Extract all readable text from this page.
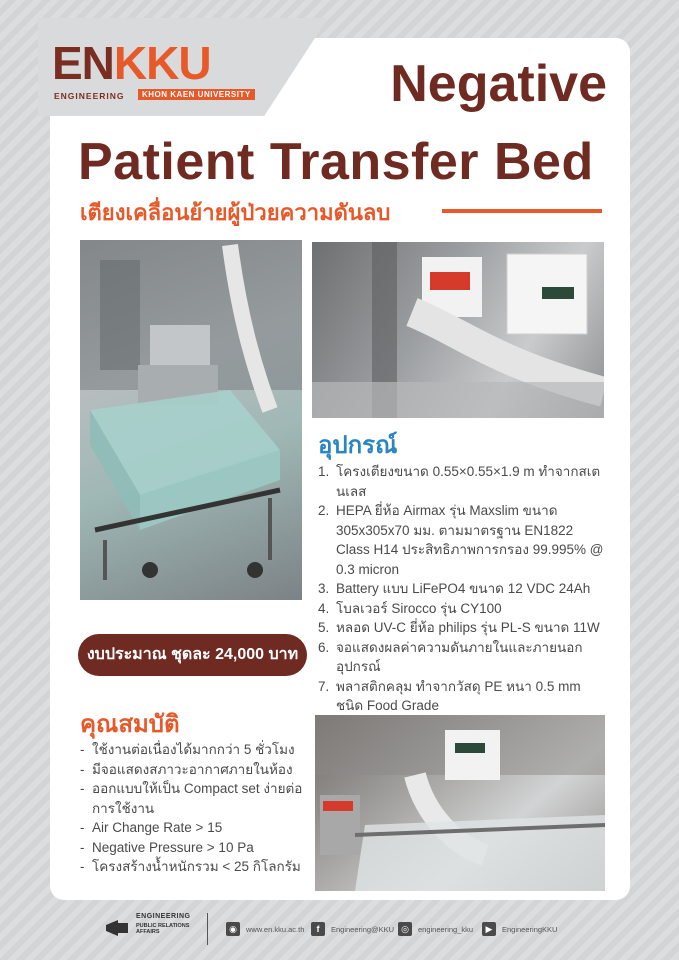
ENKKU
ENGINEERING	KHON KAEN UNIVERSITY	Negative
Patient Transfer Bed
เตียงเคลื่อนย้ายผู้ป่วยความดันลบ
งบประมาณ ชุดละ 24,000 บาท
อุปกรณ์
1. โครงเตียงขนาด 0.55×0.55×1.9 m ทำจากสเตนเลส
2. HEPA ยี่ห้อ Airmax รุ่น Maxslim ขนาด 305x305x70 มม. ตามมาตรฐาน EN1822 Class H14 ประสิทธิภาพการกรอง 99.995% @ 0.3 micron
3. Battery แบบ LiFePO4 ขนาด 12 VDC 24Ah
4. โบลเวอร์ Sirocco รุ่น CY100
5. หลอด UV-C ยี่ห้อ philips รุ่น PL-S ขนาด 11W
6. จอแสดงผลค่าความดันภายในและภายนอกอุปกรณ์
7. พลาสติกคลุม ทำจากวัสดุ PE หนา 0.5 mm ชนิด Food Grade
คุณสมบัติ
- ใช้งานต่อเนื่องได้มากกว่า 5 ชั่วโมง
- มีจอแสดงสภาวะอากาศภายในห้อง
- ออกแบบให้เป็น Compact set ง่ายต่อการใช้งาน
- Air Change Rate > 15
- Negative Pressure > 10 Pa
- โครงสร้างน้ำหนักรวม < 25 กิโลกรัม
ENGINEERING
PUBLIC RELATIONS AFFAIRS	◉	www.en.kku.ac.th	f	Engineering@KKU ◎	engineering_kku	▶	EngineeringKKU
